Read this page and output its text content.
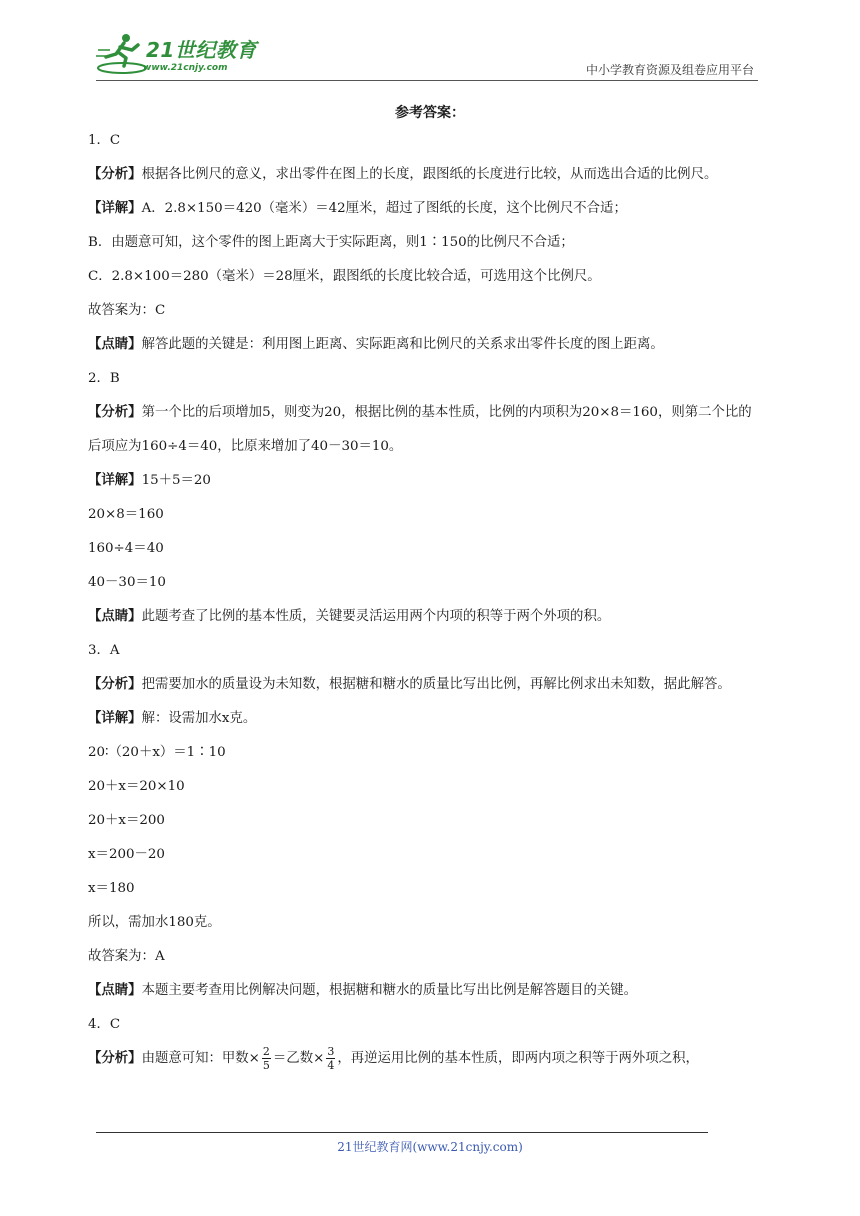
21世纪教育
www.21cnjy.com	中小学教育资源及组卷应用平台
参考答案：

1．C

【分析】根据各比例尺的意义，求出零件在图上的长度，跟图纸的长度进行比较，从而选出合适的比例尺。

【详解】A．2.8×150＝420（毫米）＝42厘米，超过了图纸的长度，这个比例尺不合适；

B．由题意可知，这个零件的图上距离大于实际距离，则1∶150的比例尺不合适；

C．2.8×100＝280（毫米）＝28厘米，跟图纸的长度比较合适，可选用这个比例尺。

故答案为：C

【点睛】解答此题的关键是：利用图上距离、实际距离和比例尺的关系求出零件长度的图上距离。

2．B

【分析】第一个比的后项增加5，则变为20，根据比例的基本性质，比例的内项积为20×8＝160，则第二个比的后项应为160÷4＝40，比原来增加了40－30＝10。

【详解】15＋5＝20

20×8＝160

160÷4＝40

40－30＝10

【点睛】此题考查了比例的基本性质，关键要灵活运用两个内项的积等于两个外项的积。

3．A

【分析】把需要加水的质量设为未知数，根据糖和糖水的质量比写出比例，再解比例求出未知数，据此解答。

【详解】解：设需加水x克。

20∶（20＋x）＝1∶10

20＋x＝20×10

20＋x＝200

x＝200－20

x＝180

所以，需加水180克。

故答案为：A

【点睛】本题主要考查用比例解决问题，根据糖和糖水的质量比写出比例是解答题目的关键。

4．C

【分析】由题意可知：甲数× $\frac{2}{5}$ ＝乙数× $\frac{3}{4}$ ，再逆运用比例的基本性质，即两内项之积等于两外项之积，

21世纪教育网(www.21cnjy.com)
